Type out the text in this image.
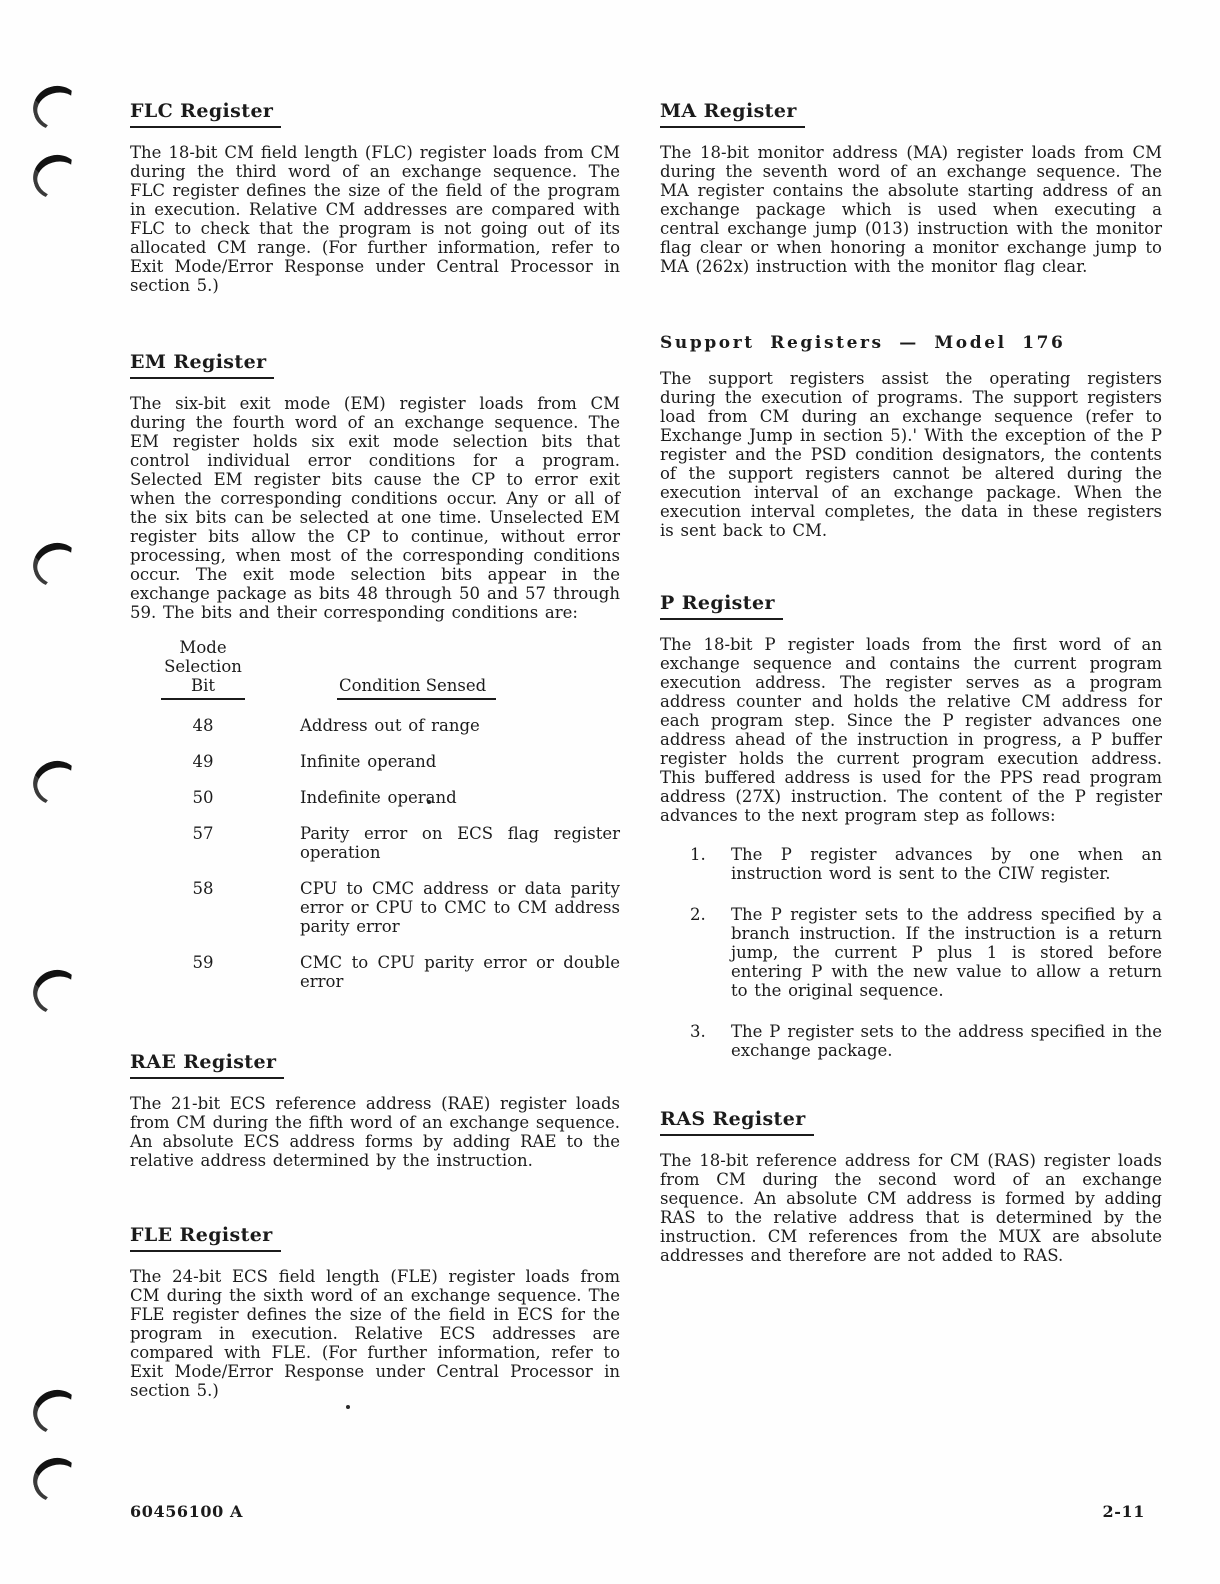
FLC Register

The 18-bit CM field length (FLC) register loads from CM during the third word of an exchange sequence. The FLC register defines the size of the field of the program in execution. Relative CM addresses are compared with FLC to check that the program is not going out of its allocated CM range. (For further information, refer to Exit Mode/Error Response under Central Processor in section 5.)

EM Register

The six-bit exit mode (EM) register loads from CM during the fourth word of an exchange sequence. The EM register holds six exit mode selection bits that control individual error conditions for a program. Selected EM register bits cause the CP to error exit when the corresponding conditions occur. Any or all of the six bits can be selected at one time. Unselected EM register bits allow the CP to continue, without error processing, when most of the corresponding conditions occur. The exit mode selection bits appear in the exchange package as bits 48 through 50 and 57 through 59. The bits and their corresponding conditions are:

Mode
Selection
Bit	Condition Sensed
48	Address out of range
49	Infinite operand
50	Indefinite operand
57	Parity error on ECS flag register operation
58	CPU to CMC address or data parity error or CPU to CMC to CM address parity error
59	CMC to CPU parity error or double error
RAE Register

The 21-bit ECS reference address (RAE) register loads from CM during the fifth word of an exchange sequence. An absolute ECS address forms by adding RAE to the relative address determined by the instruction.

FLE Register

The 24-bit ECS field length (FLE) register loads from CM during the sixth word of an exchange sequence. The FLE register defines the size of the field in ECS for the program in execution. Relative ECS addresses are compared with FLE. (For further information, refer to Exit Mode/Error Response under Central Processor in section 5.)

MA Register

The 18-bit monitor address (MA) register loads from CM during the seventh word of an exchange sequence. The MA register contains the absolute starting address of an exchange package which is used when executing a central exchange jump (013) instruction with the monitor flag clear or when honoring a monitor exchange jump to MA (262x) instruction with the monitor flag clear.

Support Registers — Model 176

The support registers assist the operating registers during the execution of programs. The support registers load from CM during an exchange sequence (refer to Exchange Jump in section 5).' With the exception of the P register and the PSD condition designators, the contents of the support registers cannot be altered during the execution interval of an exchange package. When the execution interval completes, the data in these registers is sent back to CM.

P Register

The 18-bit P register loads from the first word of an exchange sequence and contains the current program execution address. The register serves as a program address counter and holds the relative CM address for each program step. Since the P register advances one address ahead of the instruction in progress, a P buffer register holds the current program execution address. This buffered address is used for the PPS read program address (27X) instruction. The content of the P register advances to the next program step as follows:

1.	The P register advances by one when an instruction word is sent to the CIW register.
2.	The P register sets to the address specified by a branch instruction. If the instruction is a return jump, the current P plus 1 is stored before entering P with the new value to allow a return to the original sequence.
3.	The P register sets to the address specified in the exchange package.
RAS Register

The 18-bit reference address for CM (RAS) register loads from CM during the second word of an exchange sequence. An absolute CM address is formed by adding RAS to the relative address that is determined by the instruction. CM references from the MUX are absolute addresses and therefore are not added to RAS.

60456100 A	2-11
